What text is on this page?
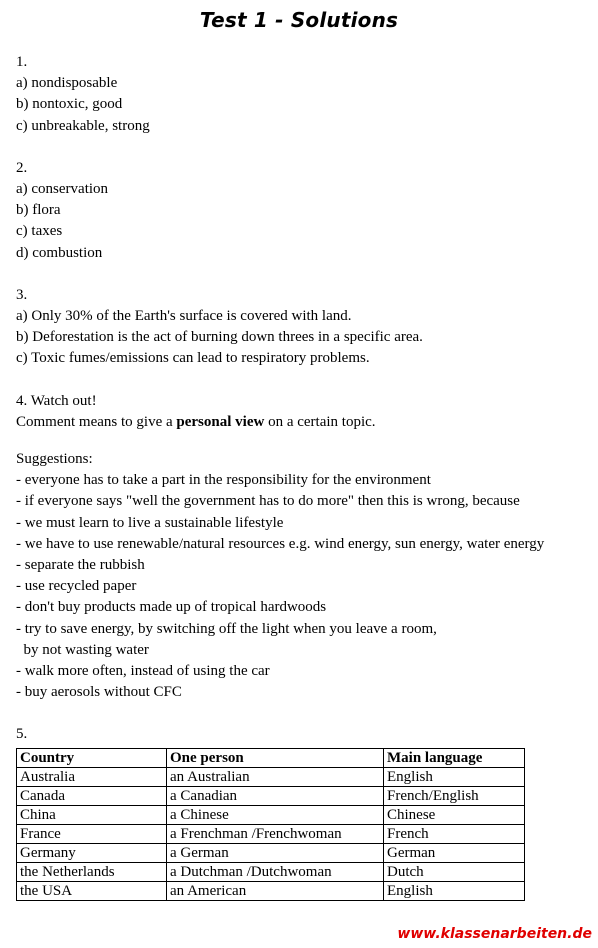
Test 1 - Solutions
1.
a) nondisposable
b) nontoxic, good
c) unbreakable, strong
2.
a) conservation
b) flora
c) taxes
d) combustion
3.
a) Only 30% of the Earth's surface is covered with land.
b) Deforestation is the act of burning down threes in a specific area.
c) Toxic fumes/emissions can lead to respiratory problems.
4. Watch out!
Comment means to give a personal view on a certain topic.
Suggestions:
- everyone has to take a part in the responsibility for the environment
- if everyone says "well the government has to do more" then this is wrong, because
- we must learn to live a sustainable lifestyle
- we have to use renewable/natural resources e.g. wind energy, sun energy, water energy
- separate the rubbish
- use recycled paper
- don't buy products made up of tropical hardwoods
- try to save energy, by switching off the light when you leave a room,
by not wasting water
- walk more often, instead of using the car
- buy aerosols without CFC
5.
Country	One person	Main language
Australia	an Australian	English
Canada	a Canadian	French/English
China	a Chinese	Chinese
France	a Frenchman /Frenchwoman	French
Germany	a German	German
the Netherlands	a Dutchman /Dutchwoman	Dutch
the USA	an American	English
www.klassenarbeiten.de
